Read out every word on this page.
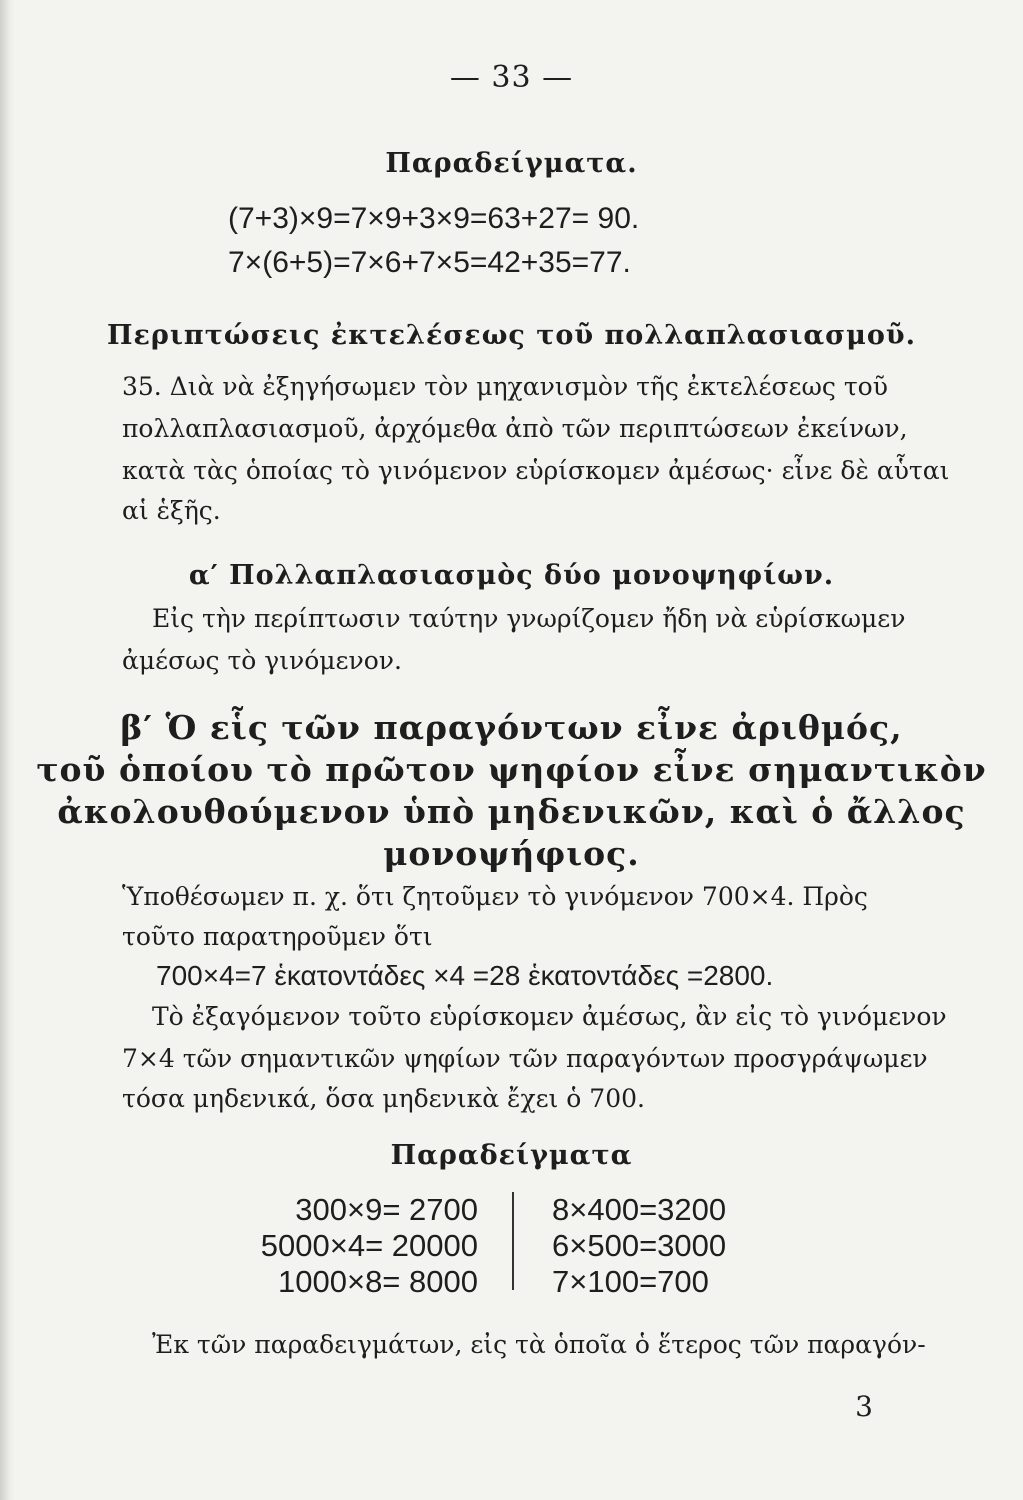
— 33 —
Παραδείγματα.
(7+3)×9=7×9+3×9=63+27= 90.
7×(6+5)=7×6+7×5=42+35=77.
Περιπτώσεις ἐκτελέσεως τοῦ πολλαπλασιασμοῦ.
35. Διὰ νὰ ἐξηγήσωμεν τὸν μηχανισμὸν τῆς ἐκτελέσεως τοῦ
πολλαπλασιασμοῦ, ἀρχόμεθα ἀπὸ τῶν περιπτώσεων ἐκείνων,
κατὰ τὰς ὁποίας τὸ γινόμενον εὑρίσκομεν ἀμέσως· εἶνε δὲ αὗται
αἱ ἑξῆς.
α′ Πολλαπλασιασμὸς δύο μονοψηφίων.
Εἰς τὴν περίπτωσιν ταύτην γνωρίζομεν ἤδη νὰ εὑρίσκωμεν
ἀμέσως τὸ γινόμενον.
β′ Ὁ εἷς τῶν παραγόντων εἶνε ἀριθμός,
τοῦ ὁποίου τὸ πρῶτον ψηφίον εἶνε σημαντικὸν
ἀκολουθούμενον ὑπὸ μηδενικῶν, καὶ ὁ ἄλλος
μονοψήφιος.
Ὑποθέσωμεν π. χ. ὅτι ζητοῦμεν τὸ γινόμενον 700×4. Πρὸς
τοῦτο παρατηροῦμεν ὅτι
700×4=7 ἑκατοντάδες ×4 =28 ἑκατοντάδες =2800.
Τὸ ἐξαγόμενον τοῦτο εὑρίσκομεν ἀμέσως, ἂν εἰς τὸ γινόμενον
7×4 τῶν σημαντικῶν ψηφίων τῶν παραγόντων προσγράψωμεν
τόσα μηδενικά, ὅσα μηδενικὰ ἔχει ὁ 700.
Παραδείγματα
300×9= 2700
5000×4= 20000
1000×8= 8000
8×400=3200
6×500=3000
7×100=700
Ἐκ τῶν παραδειγμάτων, εἰς τὰ ὁποῖα ὁ ἕτερος τῶν παραγόν-
3
